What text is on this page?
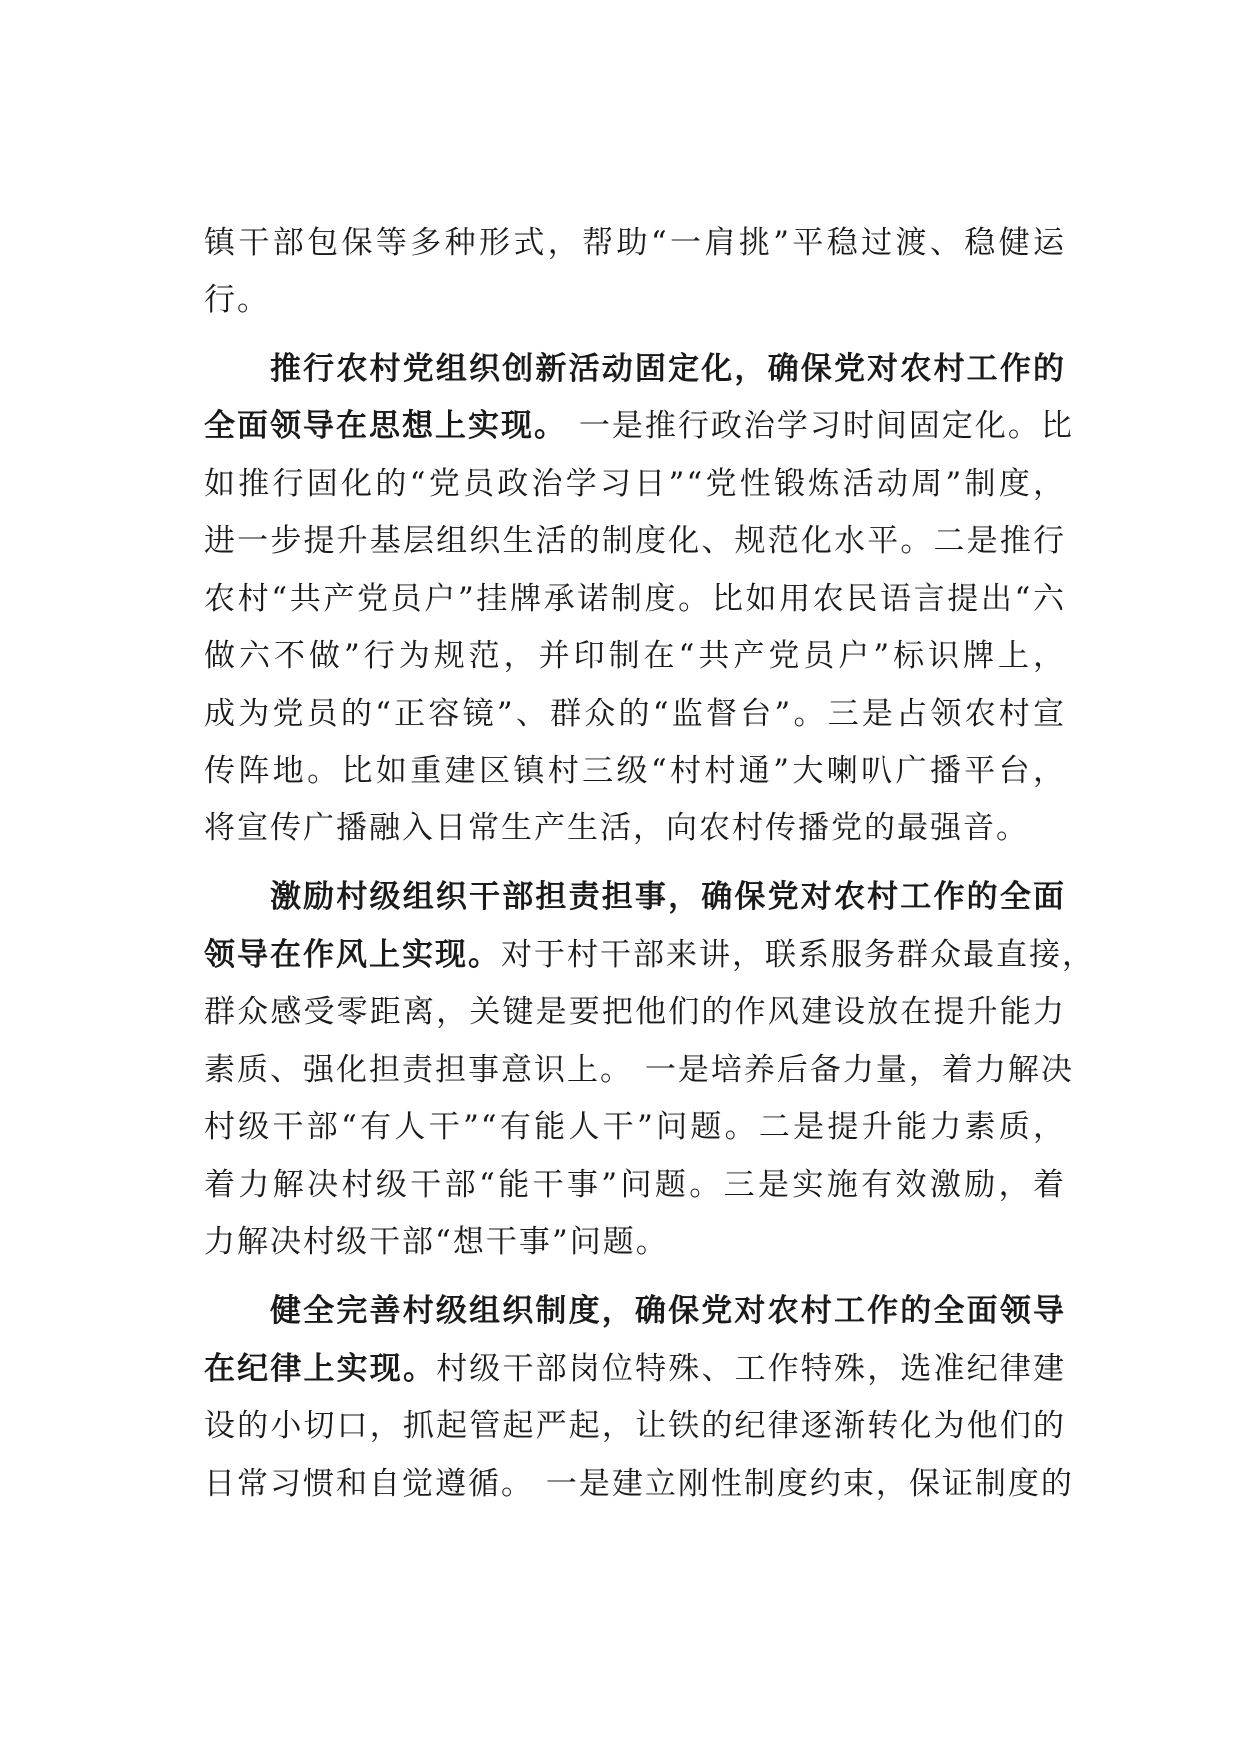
镇干部包保等多种形式，帮助“一肩挑”平稳过渡、稳健运
行。
推行农村党组织创新活动固定化，确保党对农村工作的
全面领导在思想上实现。 一是推行政治学习时间固定化。比
如推行固化的“党员政治学习日”“党性锻炼活动周”制度，
进一步提升基层组织生活的制度化、规范化水平。二是推行
农村“共产党员户”挂牌承诺制度。比如用农民语言提出“六
做六不做”行为规范，并印制在“共产党员户”标识牌上，
成为党员的“正容镜”、群众的“监督台”。三是占领农村宣
传阵地。比如重建区镇村三级“村村通”大喇叭广播平台，
将宣传广播融入日常生产生活，向农村传播党的最强音。
激励村级组织干部担责担事，确保党对农村工作的全面
领导在作风上实现。对于村干部来讲，联系服务群众最直接，
群众感受零距离，关键是要把他们的作风建设放在提升能力
素质、强化担责担事意识上。 一是培养后备力量，着力解决
村级干部“有人干”“有能人干”问题。二是提升能力素质，
着力解决村级干部“能干事”问题。三是实施有效激励，着
力解决村级干部“想干事”问题。
健全完善村级组织制度，确保党对农村工作的全面领导
在纪律上实现。村级干部岗位特殊、工作特殊，选准纪律建
设的小切口，抓起管起严起，让铁的纪律逐渐转化为他们的
日常习惯和自觉遵循。 一是建立刚性制度约束，保证制度的
